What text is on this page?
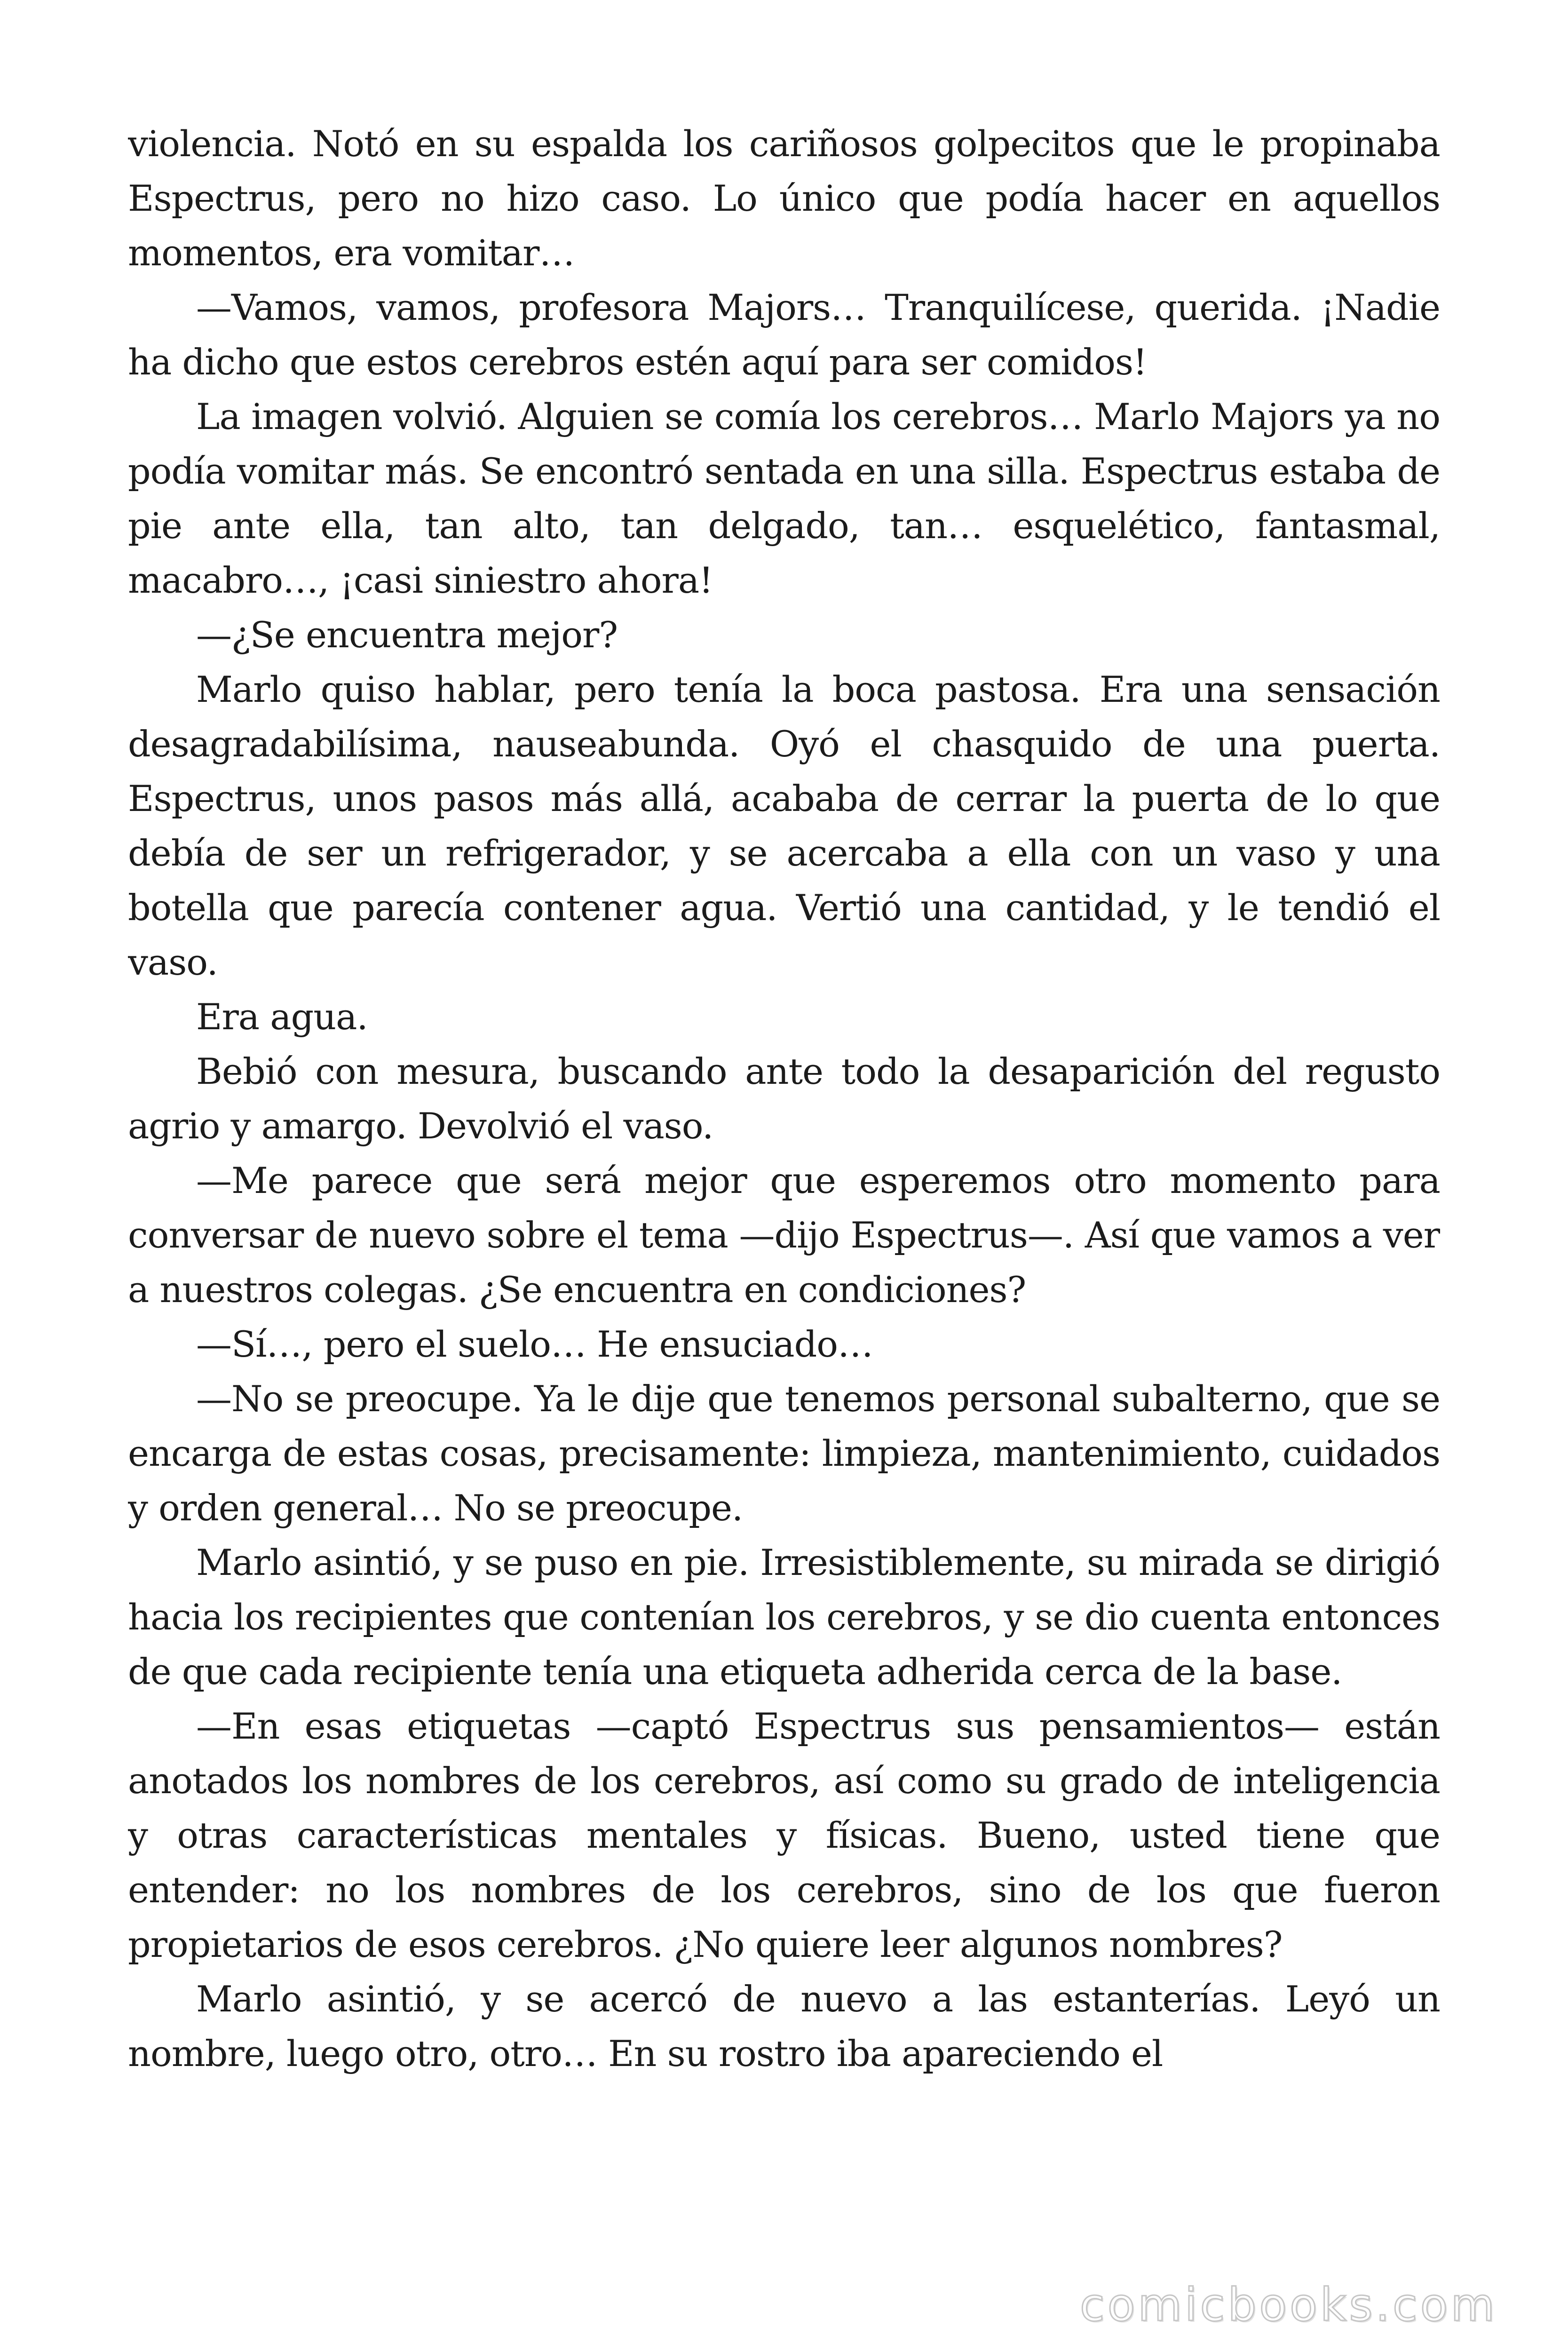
violencia. Notó en su espalda los cariñosos golpecitos que le propinaba Espectrus, pero no hizo caso. Lo único que podía hacer en aquellos momentos, era vomitar…

—Vamos, vamos, profesora Majors… Tranquilícese, querida. ¡Nadie ha dicho que estos cerebros estén aquí para ser comidos!

La imagen volvió. Alguien se comía los cerebros… Marlo Majors ya no podía vomitar más. Se encontró sentada en una silla. Espectrus estaba de pie ante ella, tan alto, tan delgado, tan… esquelético, fantasmal, macabro…, ¡casi siniestro ahora!

—¿Se encuentra mejor?

Marlo quiso hablar, pero tenía la boca pastosa. Era una sensación desagradabilísima, nauseabunda. Oyó el chasquido de una puerta. Espectrus, unos pasos más allá, acababa de cerrar la puerta de lo que debía de ser un refrigerador, y se acercaba a ella con un vaso y una botella que parecía contener agua. Vertió una cantidad, y le tendió el vaso.

Era agua.

Bebió con mesura, buscando ante todo la desaparición del regusto agrio y amargo. Devolvió el vaso.

—Me parece que será mejor que esperemos otro momento para conversar de nuevo sobre el tema —dijo Espectrus—. Así que vamos a ver a nuestros colegas. ¿Se encuentra en condiciones?

—Sí…, pero el suelo… He ensuciado…

—No se preocupe. Ya le dije que tenemos personal subalterno, que se encarga de estas cosas, precisamente: limpieza, mantenimiento, cuidados y orden general… No se preocupe.

Marlo asintió, y se puso en pie. Irresistiblemente, su mirada se dirigió hacia los recipientes que contenían los cerebros, y se dio cuenta entonces de que cada recipiente tenía una etiqueta adherida cerca de la base.

—En esas etiquetas —captó Espectrus sus pensamientos— están anotados los nombres de los cerebros, así como su grado de inteligencia y otras características mentales y físicas. Bueno, usted tiene que entender: no los nombres de los cerebros, sino de los que fueron propietarios de esos cerebros. ¿No quiere leer algunos nombres?

Marlo asintió, y se acercó de nuevo a las estanterías. Leyó un nombre, luego otro, otro… En su rostro iba apareciendo el

comicbooks.com
